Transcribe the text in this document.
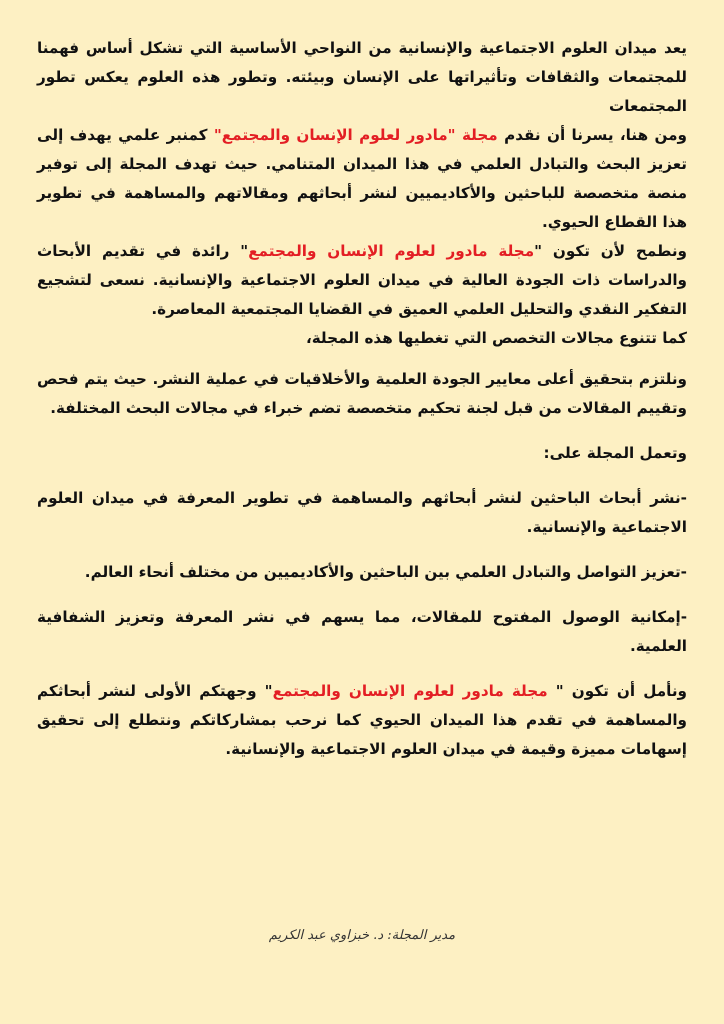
يعد ميدان العلوم الاجتماعية والإنسانية من النواحي الأساسية التي تشكل أساس فهمنا للمجتمعات والثقافات وتأثيراتها على الإنسان وبيئته. وتطور هذه العلوم يعكس تطور المجتمعات

ومن هنا، يسرنا أن نقدم مجلة "مادور لعلوم الإنسان والمجتمع" كمنبر علمي يهدف إلى تعزيز البحث والتبادل العلمي في هذا الميدان المتنامي. حيث تهدف المجلة إلى توفير منصة متخصصة للباحثين والأكاديميين لنشر أبحاثهم ومقالاتهم والمساهمة في تطوير هذا القطاع الحيوي.

ونطمح لأن تكون "مجلة مادور لعلوم الإنسان والمجتمع" رائدة في تقديم الأبحاث والدراسات ذات الجودة العالية في ميدان العلوم الاجتماعية والإنسانية. نسعى لتشجيع التفكير النقدي والتحليل العلمي العميق في القضايا المجتمعية المعاصرة.

كما تتنوع مجالات التخصص التي تغطيها هذه المجلة،

ونلتزم بتحقيق أعلى معايير الجودة العلمية والأخلاقيات في عملية النشر. حيث يتم فحص وتقييم المقالات من قبل لجنة تحكيم متخصصة تضم خبراء في مجالات البحث المختلفة.

وتعمل المجلة على:

-نشر أبحاث الباحثين لنشر أبحاثهم والمساهمة في تطوير المعرفة في ميدان العلوم الاجتماعية والإنسانية.

-تعزيز التواصل والتبادل العلمي بين الباحثين والأكاديميين من مختلف أنحاء العالم.

-إمكانية الوصول المفتوح للمقالات، مما يسهم في نشر المعرفة وتعزيز الشفافية العلمية.

ونأمل أن تكون " مجلة مادور لعلوم الإنسان والمجتمع" وجهتكم الأولى لنشر أبحاثكم والمساهمة في تقدم هذا الميدان الحيوي كما نرحب بمشاركاتكم ونتطلع إلى تحقيق إسهامات مميزة وقيمة في ميدان العلوم الاجتماعية والإنسانية.

مدير المجلة: د. خبزاوي عبد الكريم
